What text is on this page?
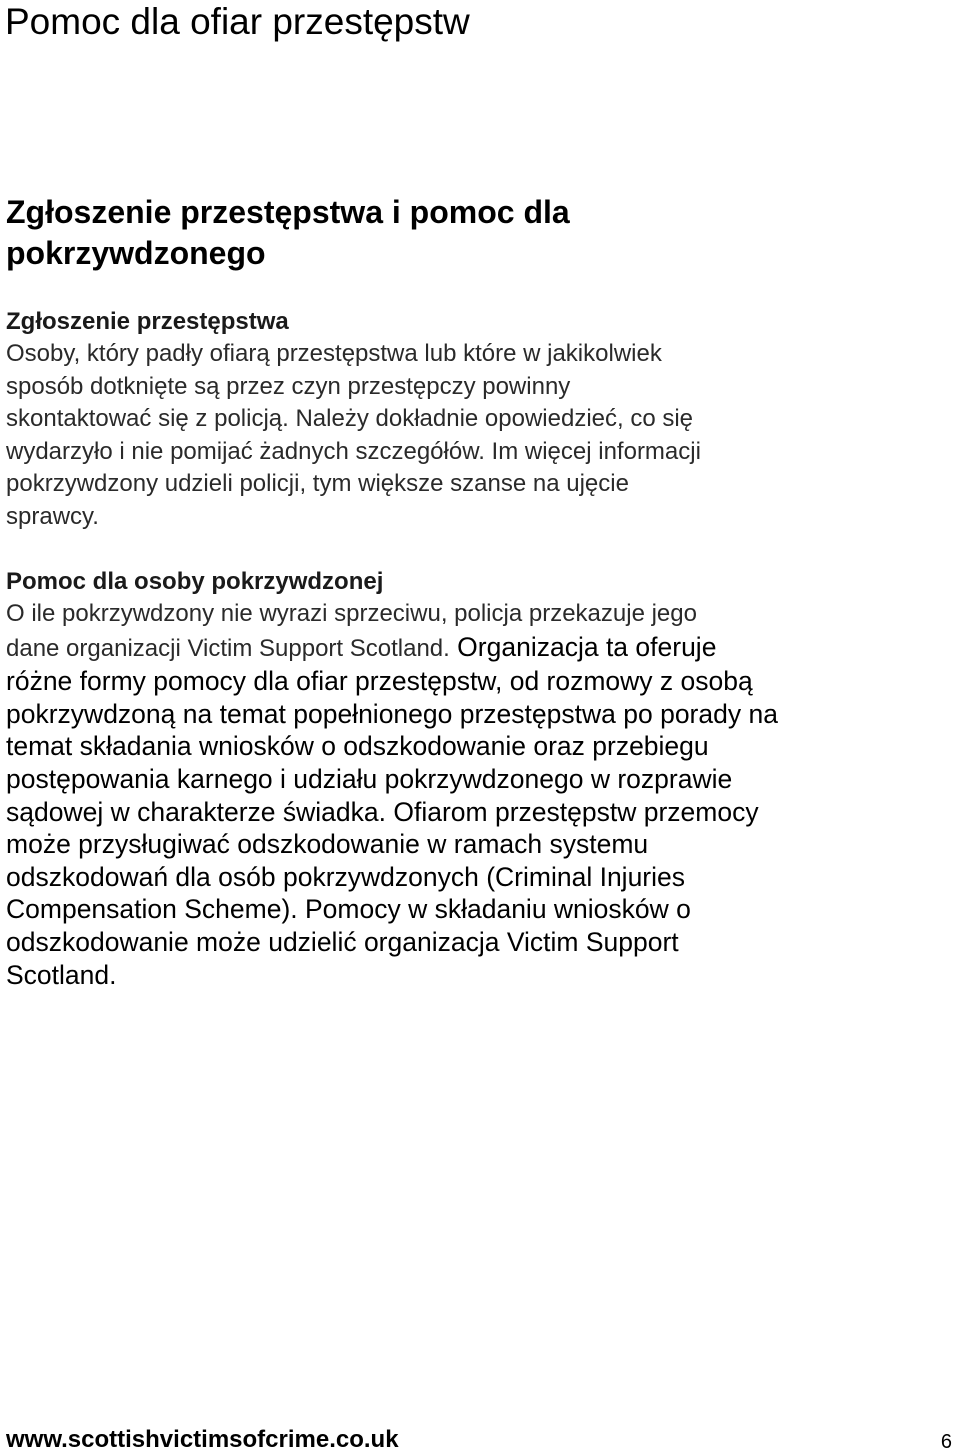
Pomoc dla ofiar przestępstw
Zgłoszenie przestępstwa i pomoc dla
pokrzywdzonego
Zgłoszenie przestępstwa
Osoby, który padły ofiarą przestępstwa lub które w jakikolwiek
sposób dotknięte są przez czyn przestępczy powinny
skontaktować się z policją. Należy dokładnie opowiedzieć, co się
wydarzyło i nie pomijać żadnych szczegółów. Im więcej informacji
pokrzywdzony udzieli policji, tym większe szanse na ujęcie
sprawcy.
Pomoc dla osoby pokrzywdzonej
O ile pokrzywdzony nie wyrazi sprzeciwu, policja przekazuje jego
dane organizacji Victim Support Scotland. Organizacja ta oferuje
różne formy pomocy dla ofiar przestępstw, od rozmowy z osobą
pokrzywdzoną na temat popełnionego przestępstwa po porady na
temat składania wniosków o odszkodowanie oraz przebiegu
postępowania karnego i udziału pokrzywdzonego w rozprawie
sądowej w charakterze świadka. Ofiarom przestępstw przemocy
może przysługiwać odszkodowanie w ramach systemu
odszkodowań dla osób pokrzywdzonych (Criminal Injuries
Compensation Scheme). Pomocy w składaniu wniosków o
odszkodowanie może udzielić organizacja Victim Support
Scotland.
www.scottishvictimsofcrime.co.uk	6
